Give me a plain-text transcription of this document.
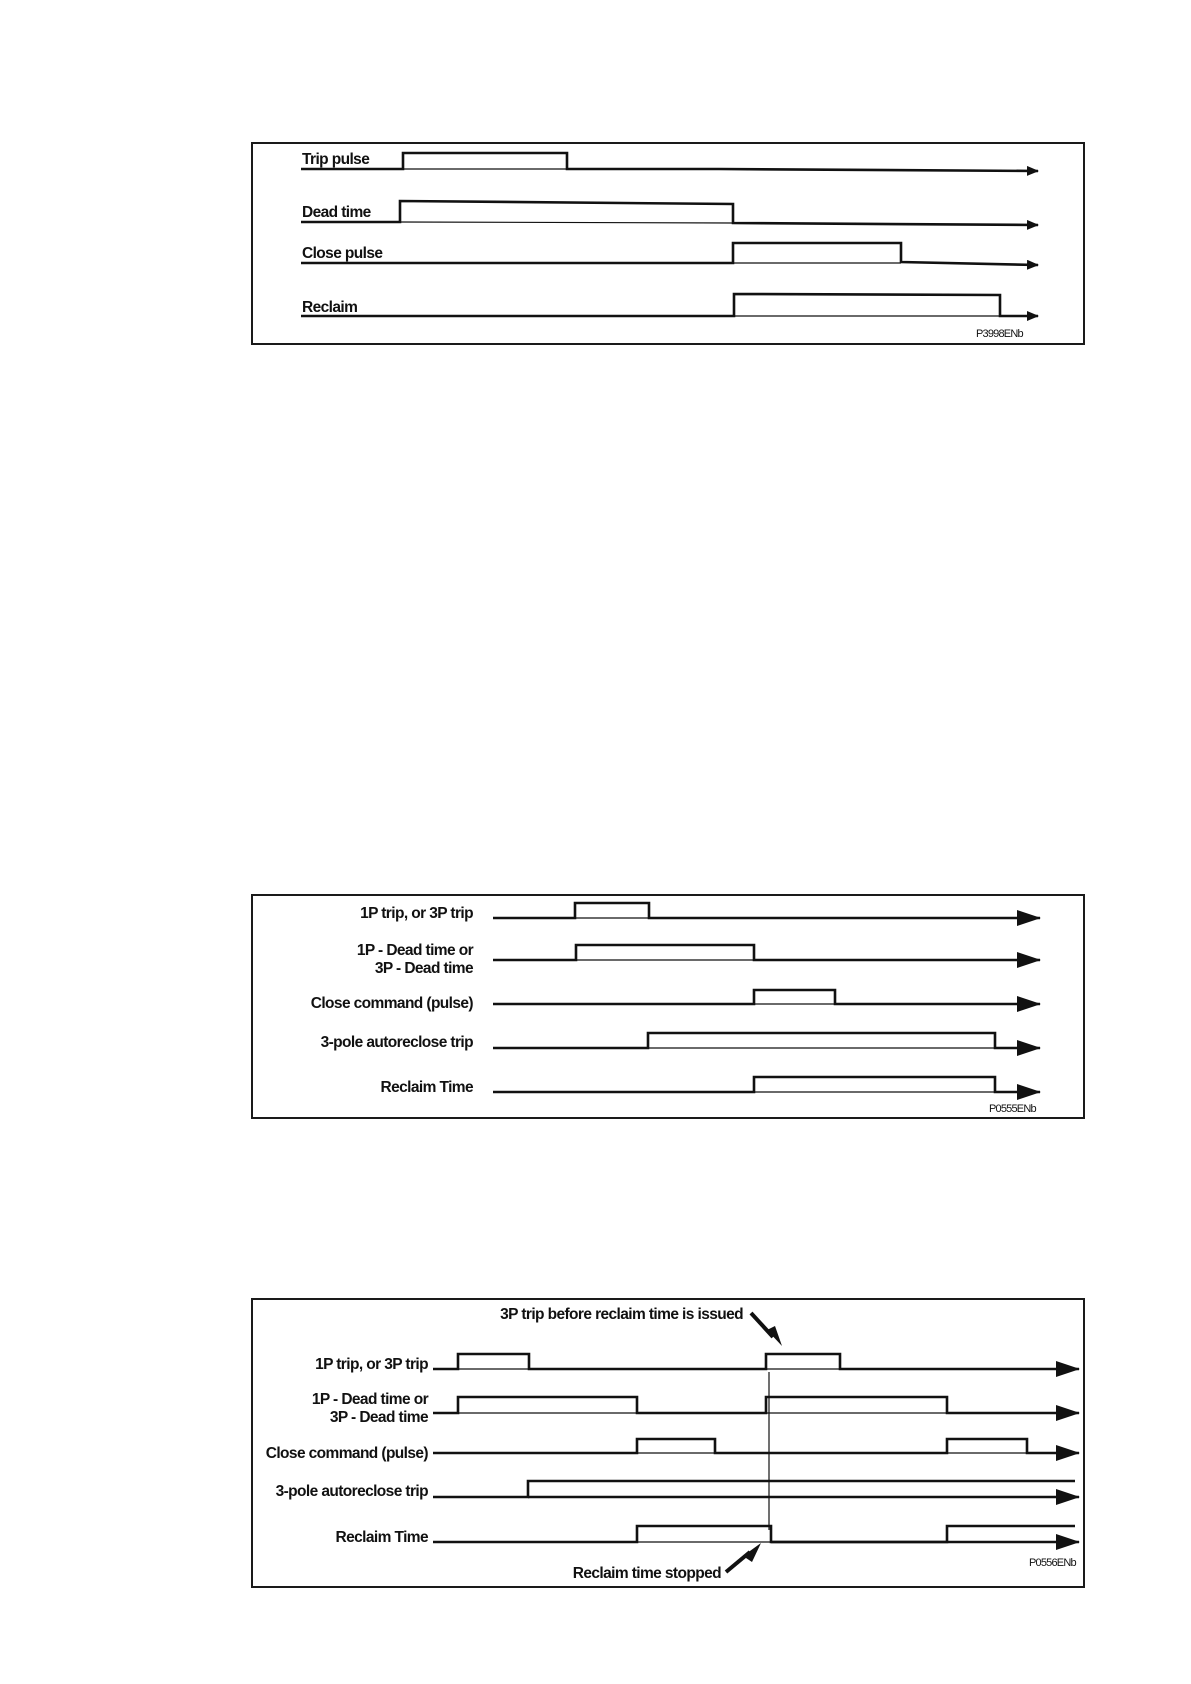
Trip pulse
Dead time
Close pulse
Reclaim
P3998ENb
1P trip, or 3P trip
1P - Dead time or
3P - Dead time
Close command (pulse)
3-pole autoreclose trip
Reclaim Time
P0555ENb
3P trip before reclaim time is issued
1P trip, or 3P trip
1P - Dead time or
3P - Dead time
Close command (pulse)
3-pole autoreclose trip
Reclaim Time
Reclaim time stopped
P0556ENb
